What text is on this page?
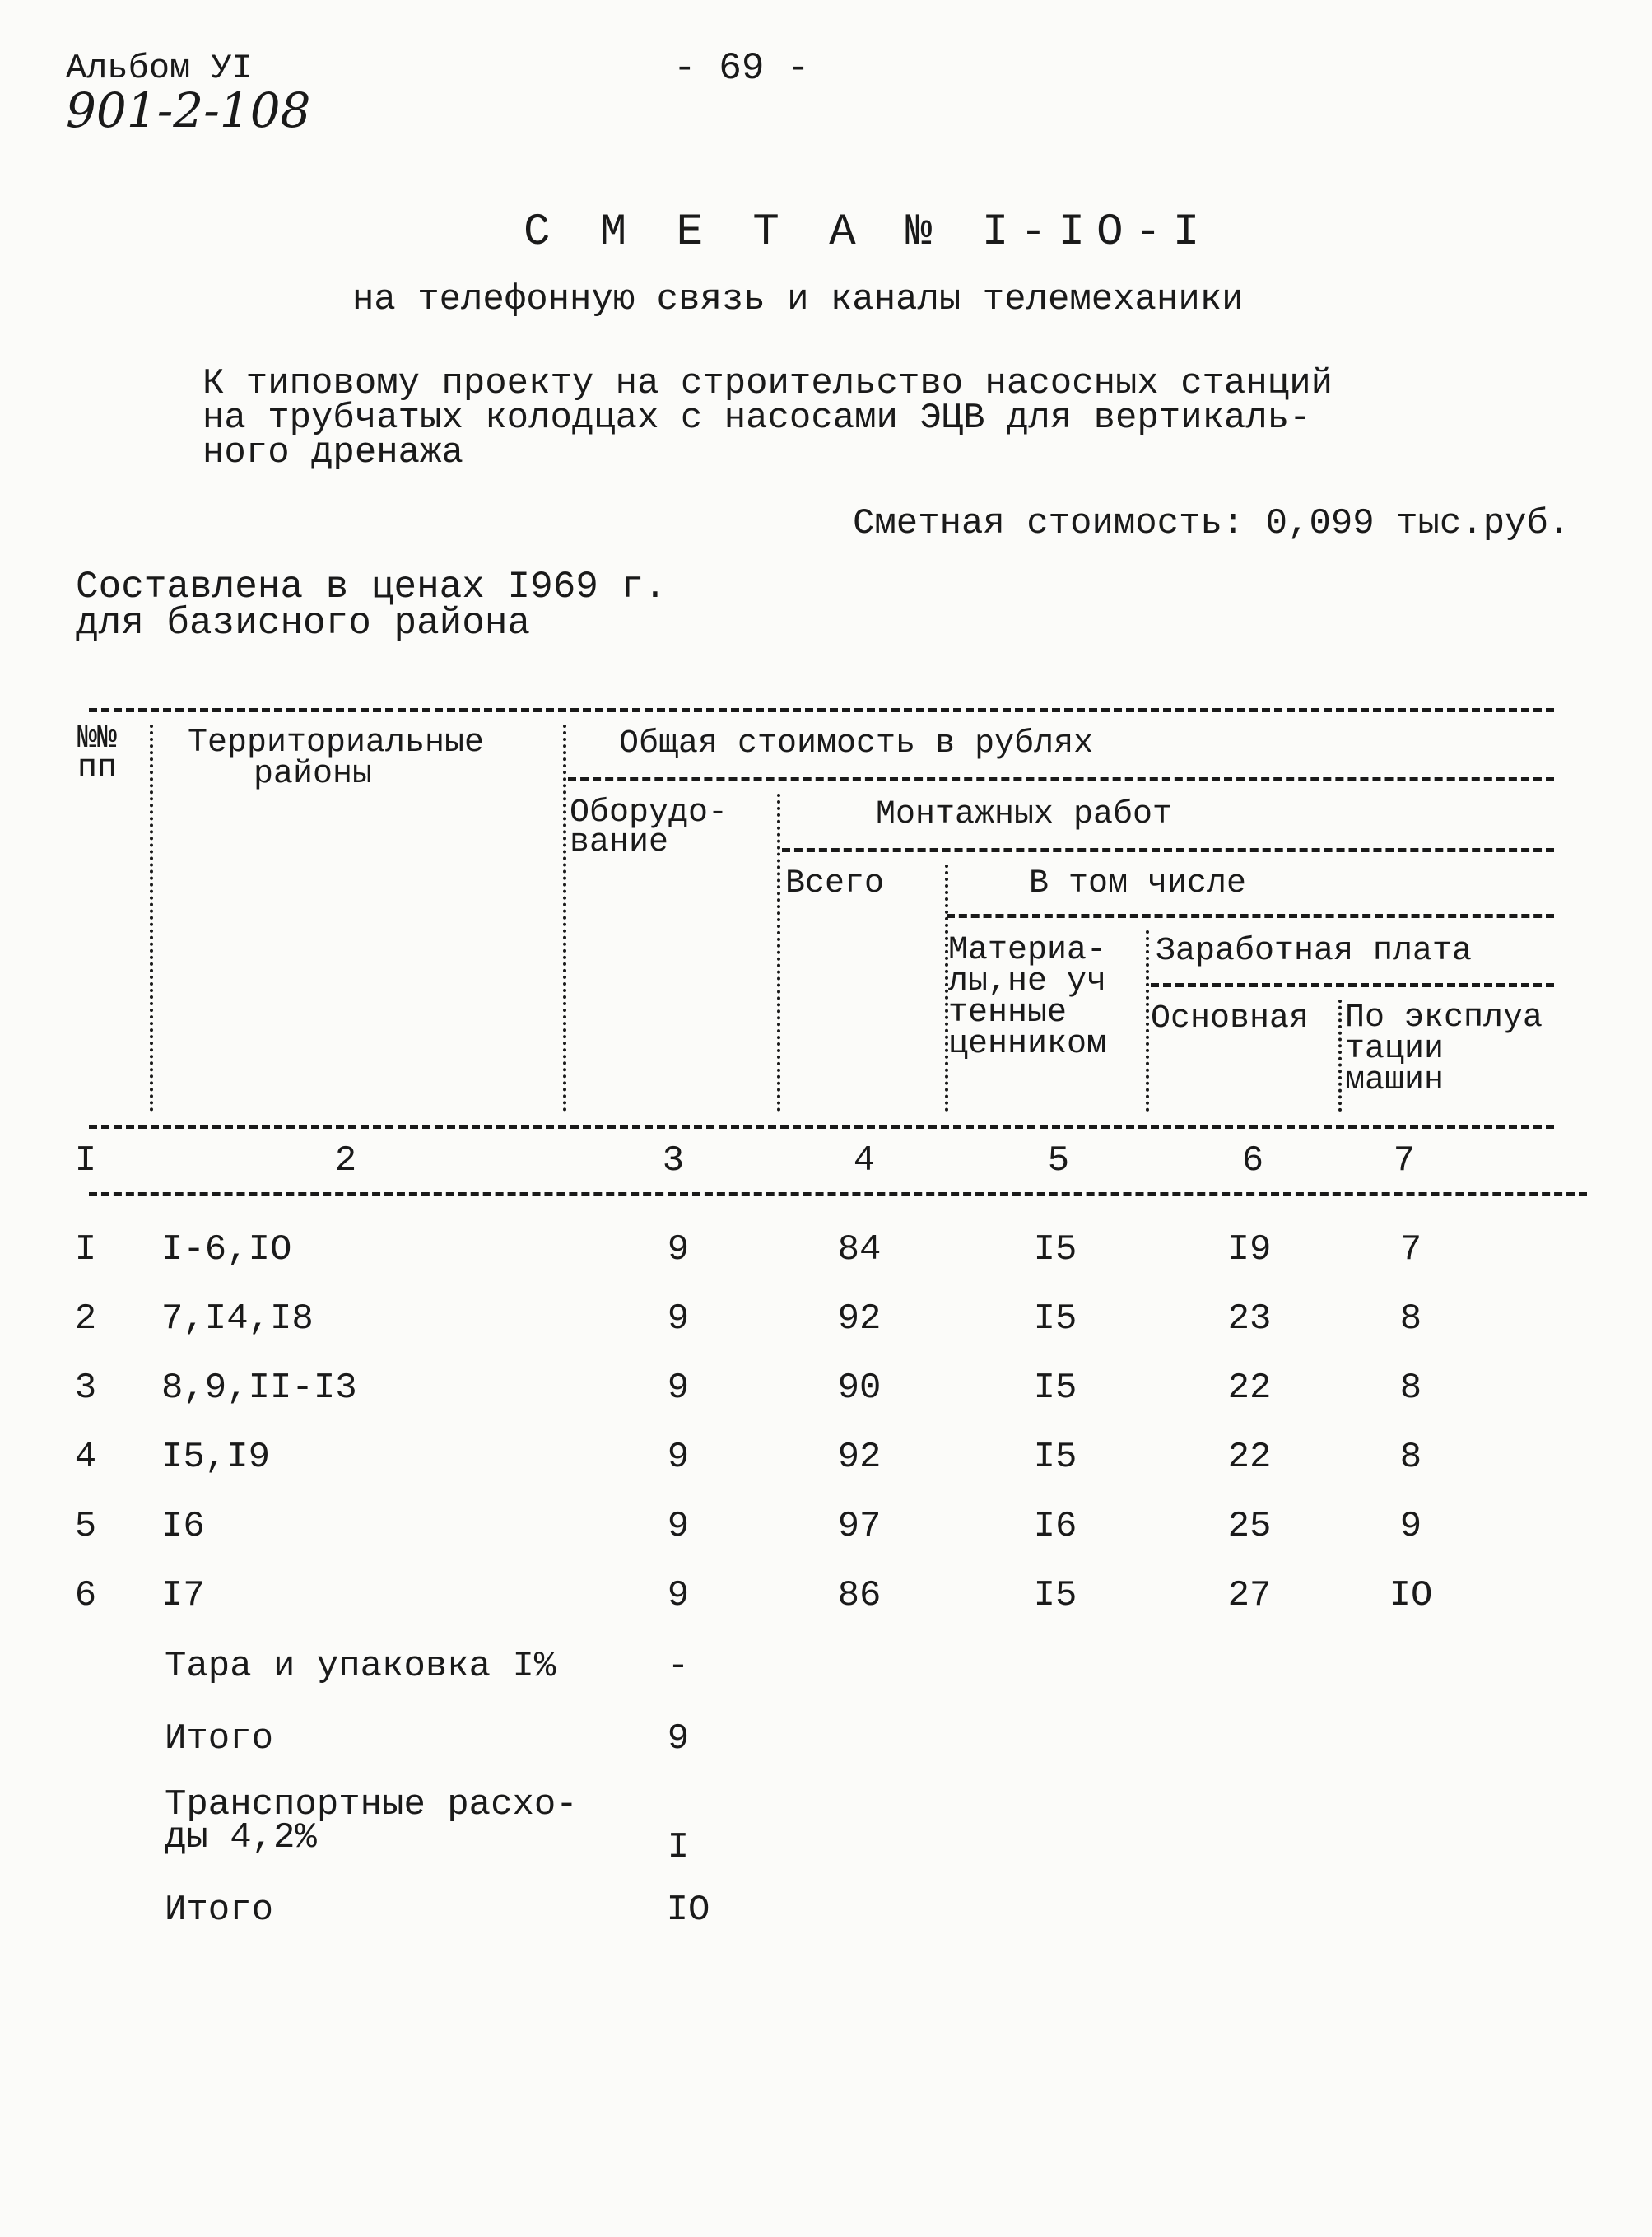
Альбом УI
901-2-108
- 69 -
С М Е Т А № I-IO-I
на телефонную связь и каналы телемеханики
К типовому проекту на строительство насосных станций
на трубчатых колодцах с насосами ЭЦВ для вертикаль-
ного дренажа
Сметная стоимость: 0,099 тыс.руб.
Составлена в ценах I969 г.
для базисного района
№№
пп
Территориальные
районы
Общая стоимость в рублях
Оборудо-
вание
Монтажных работ
Всего	В том числе
Материа-
лы,не уч
тенные
ценником
Заработная плата
Основная По эксплуа
тации
машин
I	2	3	4	5	6	7
I I-6,IO	9	84	I5	I9	7
2 7,I4,I8	9	92	I5	23	8
3 8,9,II-I3	9	90	I5	22	8
4 I5,I9	9	92	I5	22	8
5 I6	9	97	I6	25	9
6 I7	9	86	I5	27	IO
Тара и упаковка I%	-
Итого	9
Транспортные расхо-
ды 4,2%	I
Итого	IO
